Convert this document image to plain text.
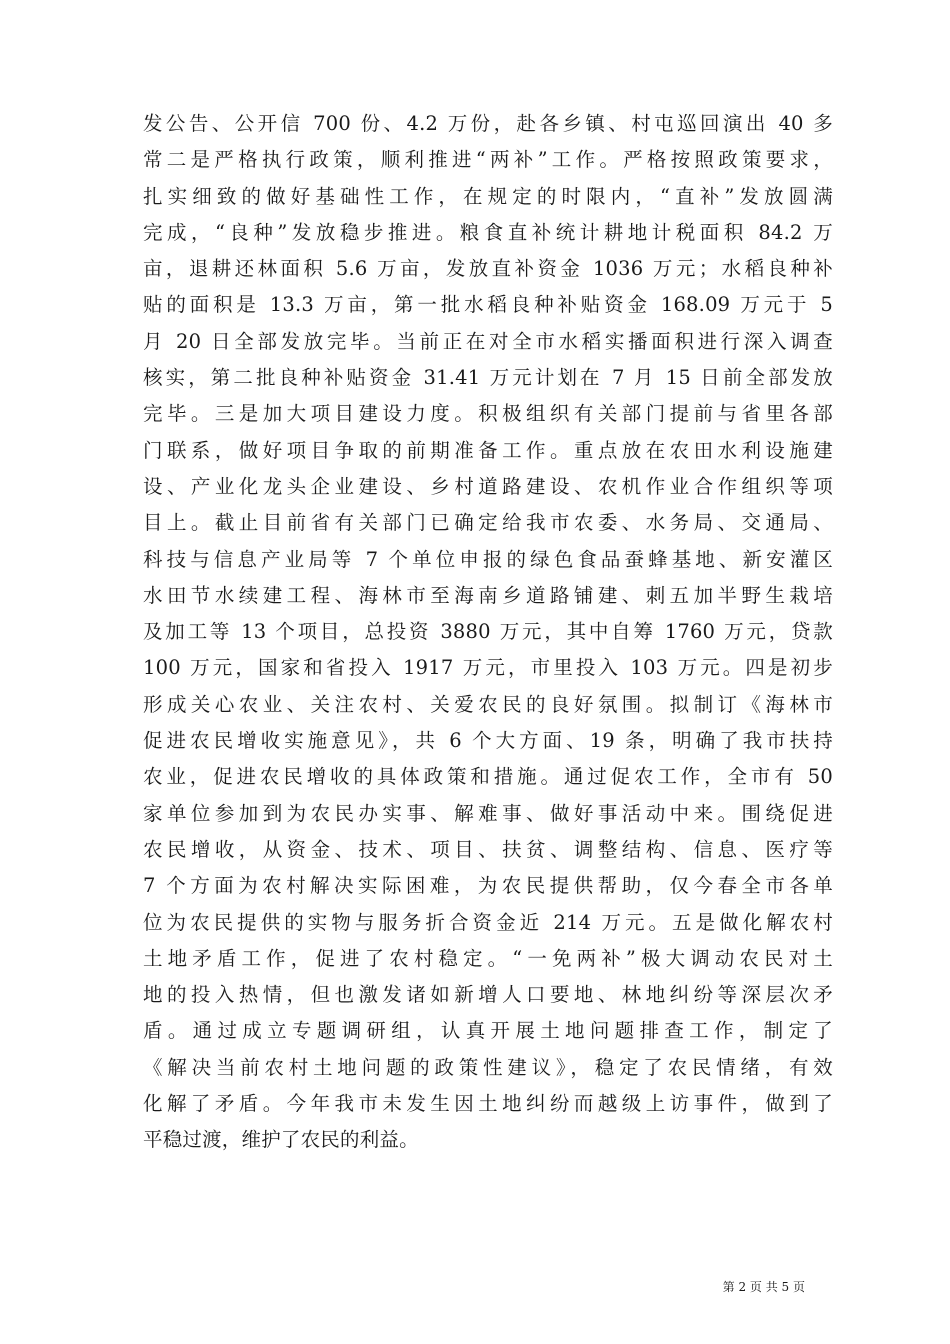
发公告、公开信 700 份、4.2 万份，赴各乡镇、村屯巡回演出 40 多
常二是严格执行政策，顺利推进“两补”工作。严格按照政策要求，
扎实细致的做好基础性工作，在规定的时限内，“直补”发放圆满
完成，“良种”发放稳步推进。粮食直补统计耕地计税面积 84.2 万
亩，退耕还林面积 5.6 万亩，发放直补资金 1036 万元；水稻良种补
贴的面积是 13.3 万亩，第一批水稻良种补贴资金 168.09 万元于 5
月 20 日全部发放完毕。当前正在对全市水稻实播面积进行深入调查
核实，第二批良种补贴资金 31.41 万元计划在 7 月 15 日前全部发放
完毕。三是加大项目建设力度。积极组织有关部门提前与省里各部
门联系，做好项目争取的前期准备工作。重点放在农田水利设施建
设、产业化龙头企业建设、乡村道路建设、农机作业合作组织等项
目上。截止目前省有关部门已确定给我市农委、水务局、交通局、
科技与信息产业局等 7 个单位申报的绿色食品蚕蜂基地、新安灌区
水田节水续建工程、海林市至海南乡道路铺建、刺五加半野生栽培
及加工等 13 个项目，总投资 3880 万元，其中自筹 1760 万元，贷款
100 万元，国家和省投入 1917 万元，市里投入 103 万元。四是初步
形成关心农业、关注农村、关爱农民的良好氛围。拟制订《海林市
促进农民增收实施意见》，共 6 个大方面、19 条，明确了我市扶持
农业，促进农民增收的具体政策和措施。通过促农工作，全市有 50
家单位参加到为农民办实事、解难事、做好事活动中来。围绕促进
农民增收，从资金、技术、项目、扶贫、调整结构、信息、医疗等
7 个方面为农村解决实际困难，为农民提供帮助，仅今春全市各单
位为农民提供的实物与服务折合资金近 214 万元。五是做化解农村
土地矛盾工作，促进了农村稳定。“一免两补”极大调动农民对土
地的投入热情，但也激发诸如新增人口要地、林地纠纷等深层次矛
盾。通过成立专题调研组，认真开展土地问题排查工作，制定了
《解决当前农村土地问题的政策性建议》，稳定了农民情绪，有效
化解了矛盾。今年我市未发生因土地纠纷而越级上访事件，做到了
平稳过渡，维护了农民的利益。
第 2 页 共 5 页
